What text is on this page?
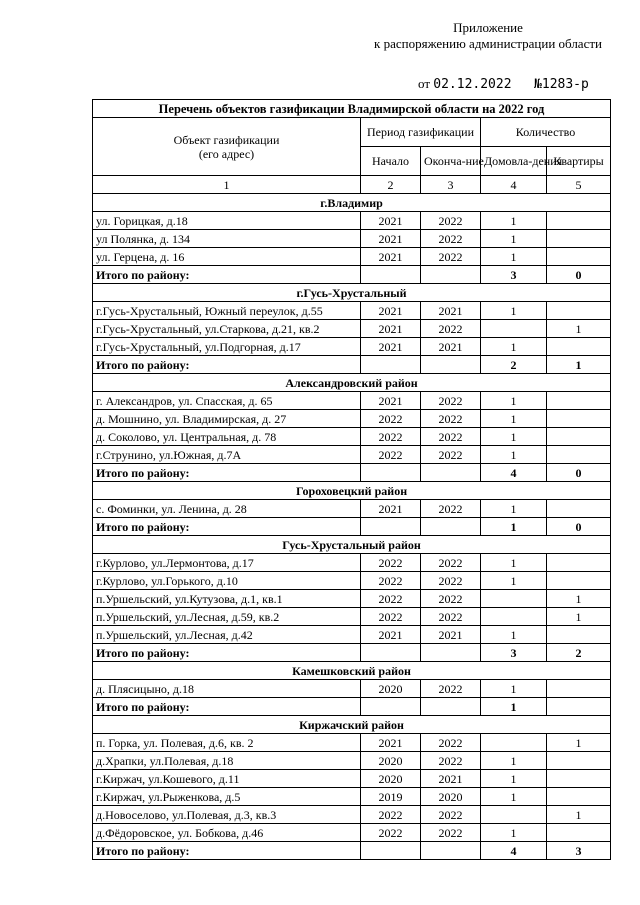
Приложение
к распоряжению администрации области
от 02.12.2022 №1283-р
Перечень объектов газификации Владимирской области на 2022 год				

Объект газификации
(его адрес)	Период газификации		Количество	
	Начало	Оконча-ние	Домовла-дения	Квартиры
1	2	3	4	5
г.Владимир				
ул. Горицкая, д.18	2021	2022	1	
ул Полянка, д. 134	2021	2022	1	
ул. Герцена, д. 16	2021	2022	1	
Итого по району:			3	0
г.Гусь-Хрустальный				
г.Гусь-Хрустальный, Южный переулок, д.55	2021	2021	1	
г.Гусь-Хрустальный, ул.Старкова, д.21, кв.2	2021	2022		1
г.Гусь-Хрустальный, ул.Подгорная, д.17	2021	2021	1	
Итого по району:			2	1
Александровский район				
г. Александров, ул. Спасская, д. 65	2021	2022	1	
д. Мошнино, ул. Владимирская, д. 27	2022	2022	1	
д. Соколово, ул. Центральная, д. 78	2022	2022	1	
г.Струнино, ул.Южная, д.7А	2022	2022	1	
Итого по району:			4	0
Гороховецкий район				
с. Фоминки, ул. Ленина, д. 28	2021	2022	1	
Итого по району:			1	0
Гусь-Хрустальный район				
г.Курлово, ул.Лермонтова, д.17	2022	2022	1	
г.Курлово, ул.Горького, д.10	2022	2022	1	
п.Уршельский, ул.Кутузова, д.1, кв.1	2022	2022		1
п.Уршельский, ул.Лесная, д.59, кв.2	2022	2022		1
п.Уршельский, ул.Лесная, д.42	2021	2021	1	
Итого по району:			3	2
Камешковский район				
д. Плясицыно, д.18	2020	2022	1	
Итого по району:			1	
Киржачский район				
п. Горка, ул. Полевая, д.6, кв. 2	2021	2022		1
д.Храпки, ул.Полевая, д.18	2020	2022	1	
г.Киржач, ул.Кошевого, д.11	2020	2021	1	
г.Киржач, ул.Рыженкова, д.5	2019	2020	1	
д.Новоселово, ул.Полевая, д.3, кв.3	2022	2022		1
д.Фёдоровское, ул. Бобкова, д.46	2022	2022	1	
Итого по району:			4	3
